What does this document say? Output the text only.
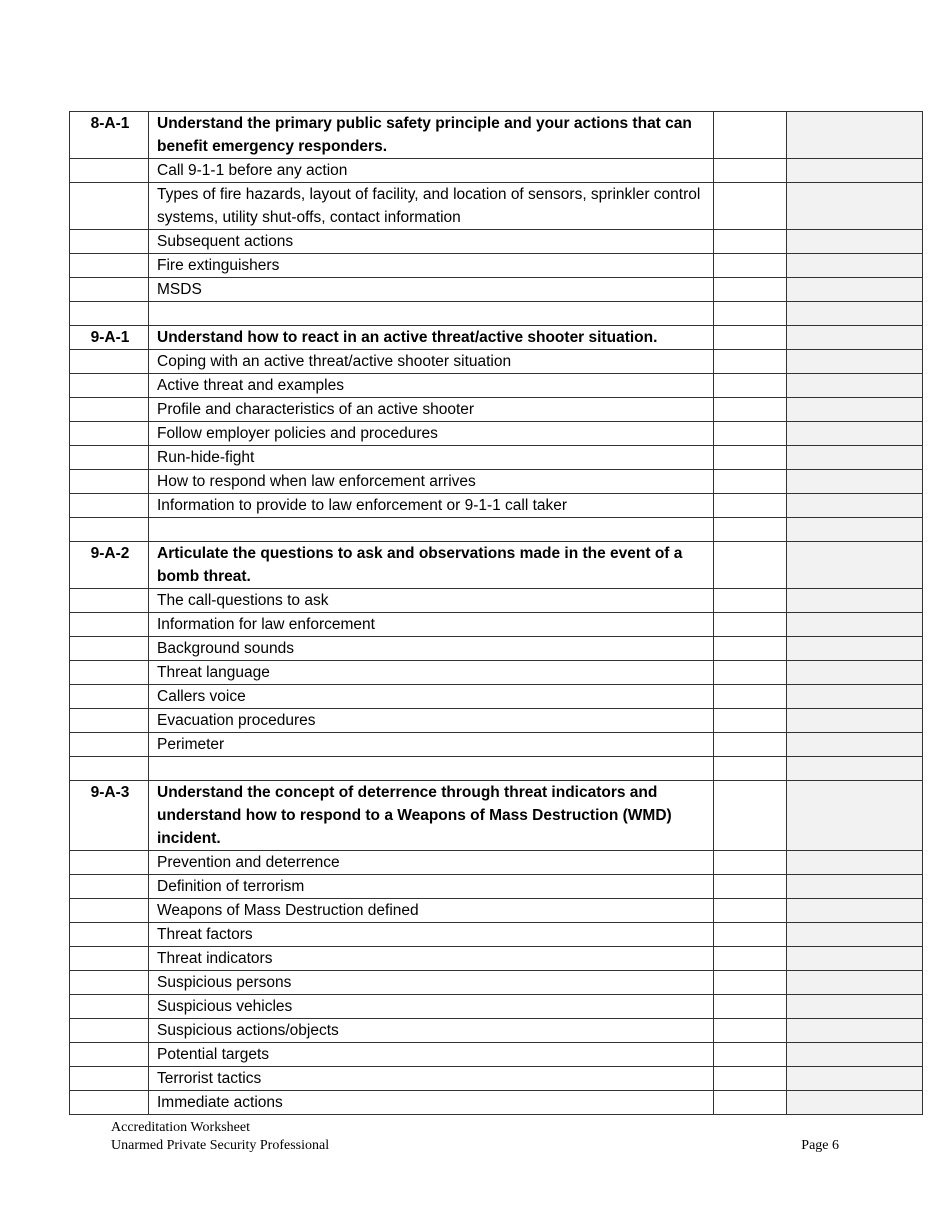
8-A-1	Understand the primary public safety principle and your actions that can benefit emergency responders.		
	Call 9-1-1 before any action		
	Types of fire hazards, layout of facility, and location of sensors, sprinkler control systems, utility shut-offs, contact information		
	Subsequent actions		
	Fire extinguishers		
	MSDS		

9-A-1	Understand how to react in an active threat/active shooter situation.		
	Coping with an active threat/active shooter situation		
	Active threat and examples		
	Profile and characteristics of an active shooter		
	Follow employer policies and procedures		
	Run-hide-fight		
	How to respond when law enforcement arrives		
	Information to provide to law enforcement or 9-1-1 call taker		

9-A-2	Articulate the questions to ask and observations made in the event of a bomb threat.		
	The call-questions to ask		
	Information for law enforcement		
	Background sounds		
	Threat language		
	Callers voice		
	Evacuation procedures		
	Perimeter		

9-A-3	Understand the concept of deterrence through threat indicators and understand how to respond to a Weapons of Mass Destruction (WMD) incident.		
	Prevention and deterrence		
	Definition of terrorism		
	Weapons of Mass Destruction defined		
	Threat factors		
	Threat indicators		
	Suspicious persons		
	Suspicious vehicles		
	Suspicious actions/objects		
	Potential targets		
	Terrorist tactics		
	Immediate actions		
Accreditation Worksheet
Unarmed Private Security Professional	Page 6
